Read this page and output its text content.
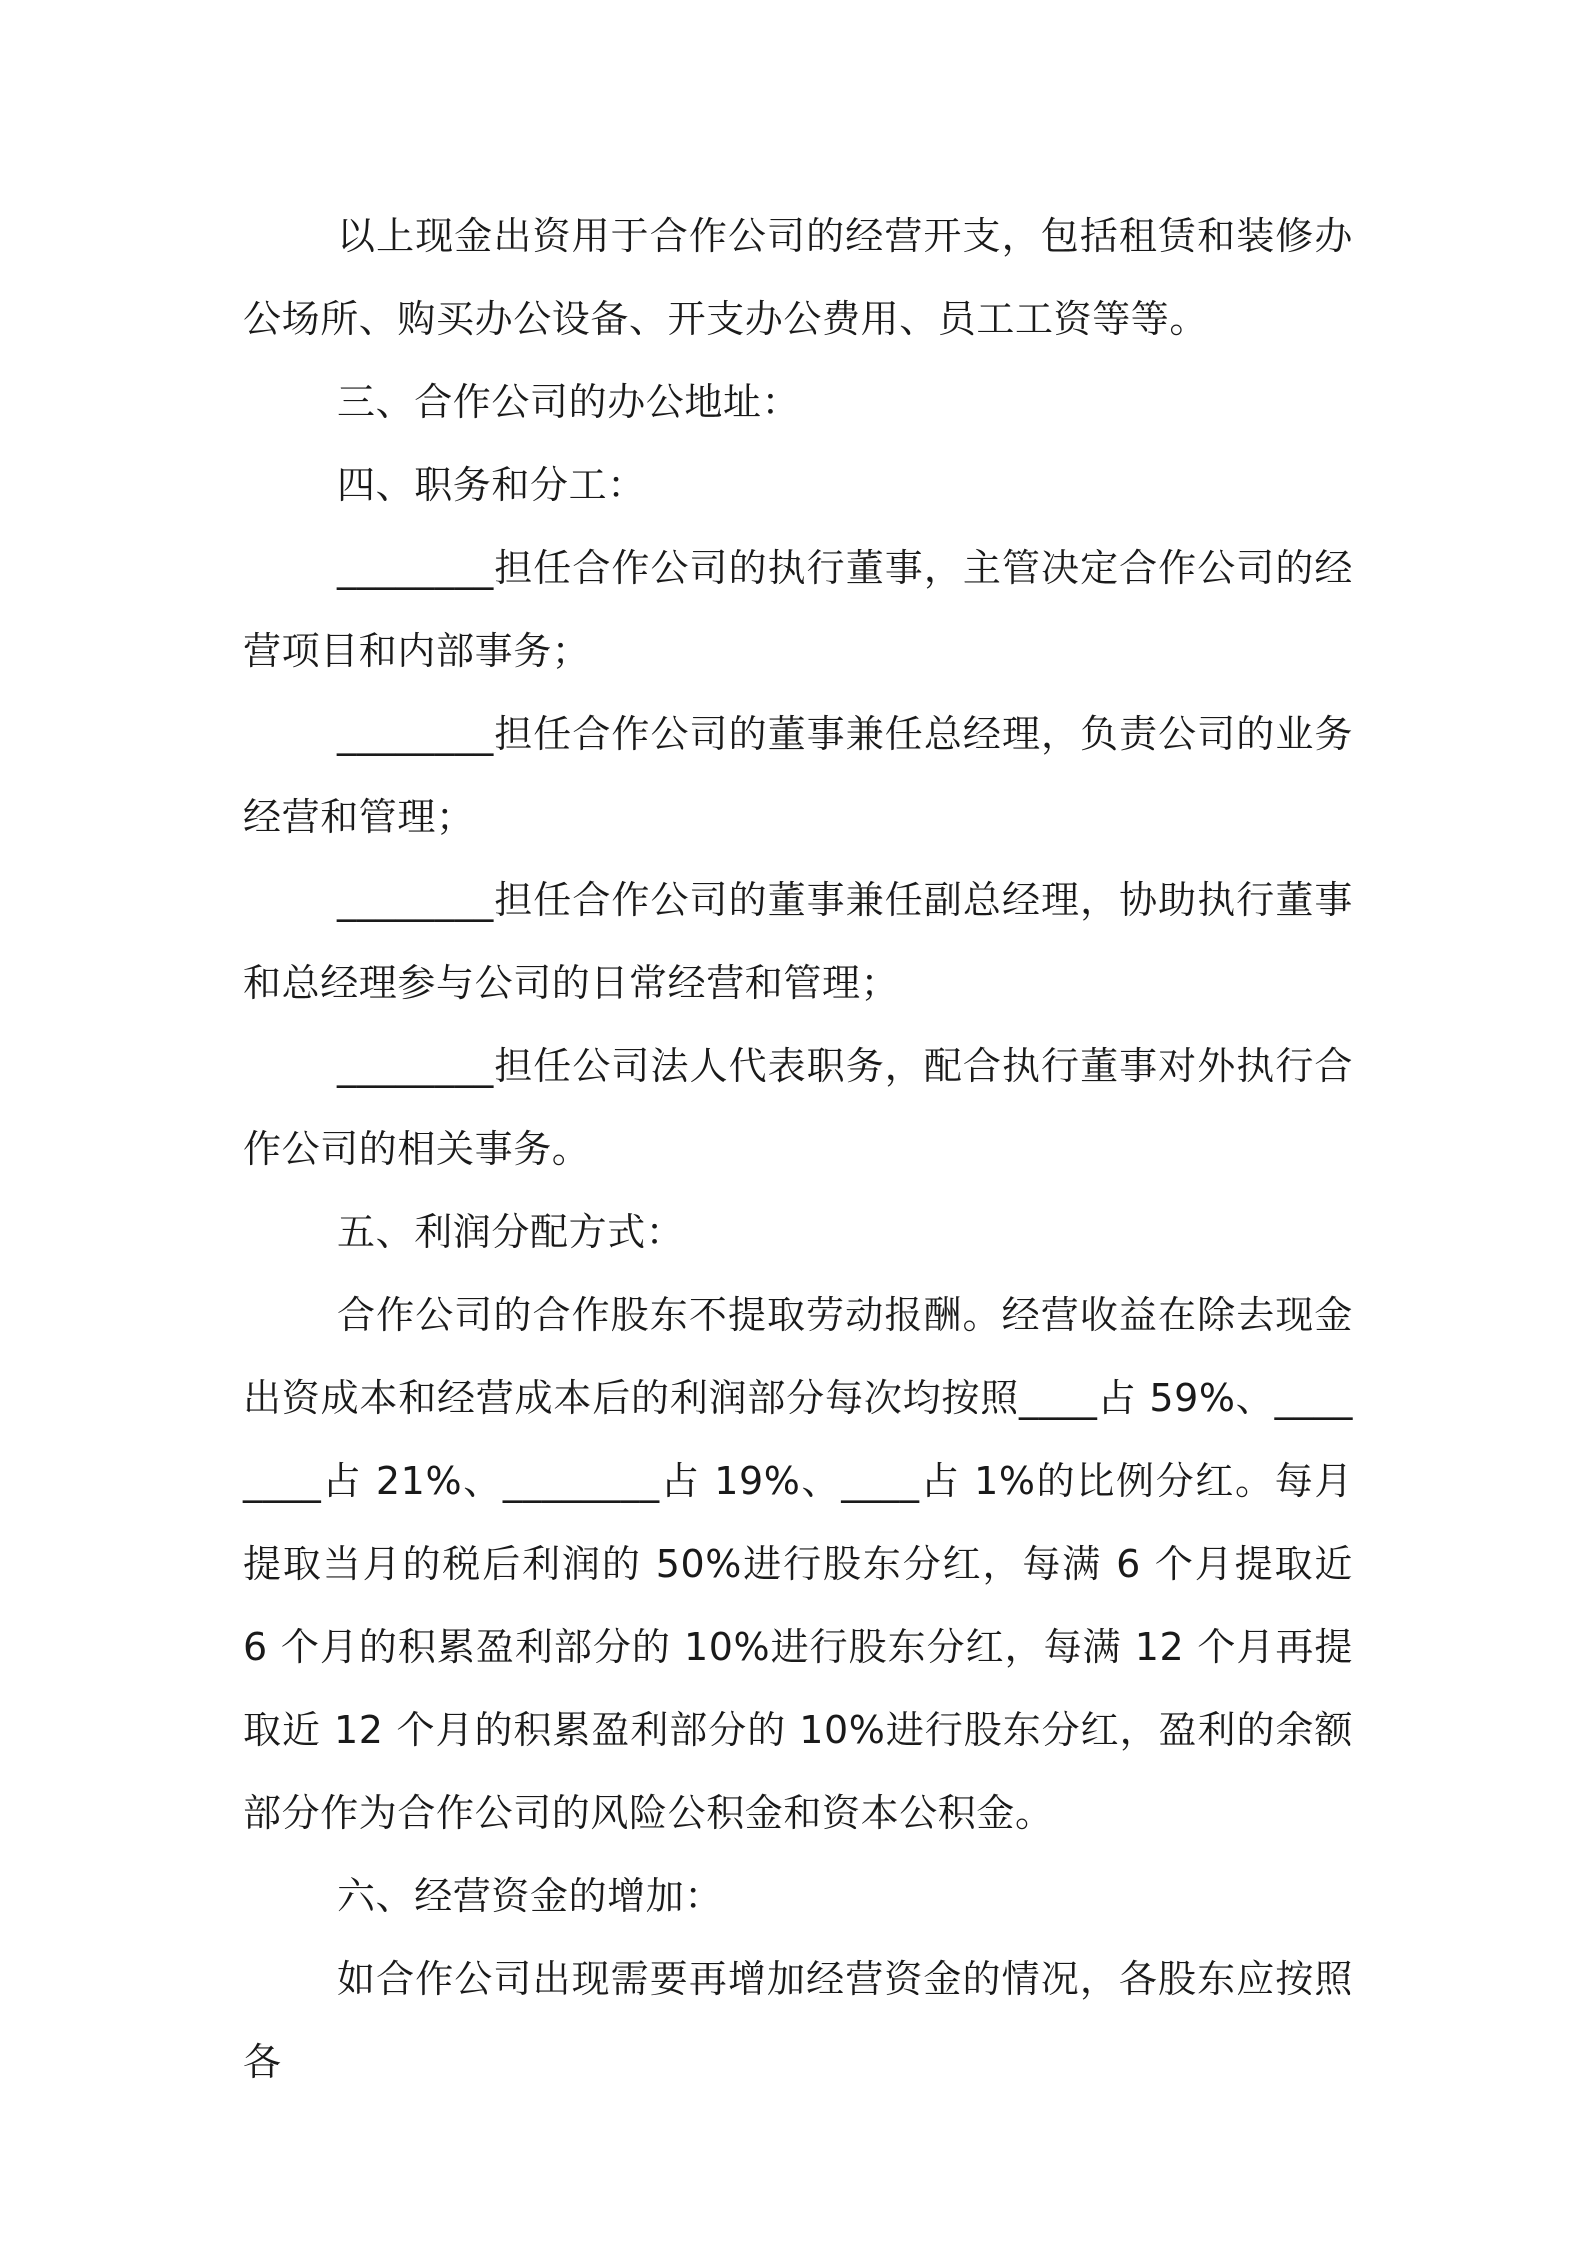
以上现金出资用于合作公司的经营开支，包括租赁和装修办公场所、购买办公设备、开支办公费用、员工工资等等。

三、合作公司的办公地址：

四、职务和分工：

________担任合作公司的执行董事，主管决定合作公司的经营项目和内部事务；

________担任合作公司的董事兼任总经理，负责公司的业务经营和管理；

________担任合作公司的董事兼任副总经理，协助执行董事和总经理参与公司的日常经营和管理；

________担任公司法人代表职务，配合执行董事对外执行合作公司的相关事务。

五、利润分配方式：

合作公司的合作股东不提取劳动报酬。经营收益在除去现金出资成本和经营成本后的利润部分每次均按照____占 59%、________占 21%、________占 19%、____占 1%的比例分红。每月提取当月的税后利润的 50%进行股东分红，每满 6 个月提取近 6 个月的积累盈利部分的 10%进行股东分红，每满 12 个月再提取近 12 个月的积累盈利部分的 10%进行股东分红，盈利的余额部分作为合作公司的风险公积金和资本公积金。

六、经营资金的增加：

如合作公司出现需要再增加经营资金的情况，各股东应按照各
